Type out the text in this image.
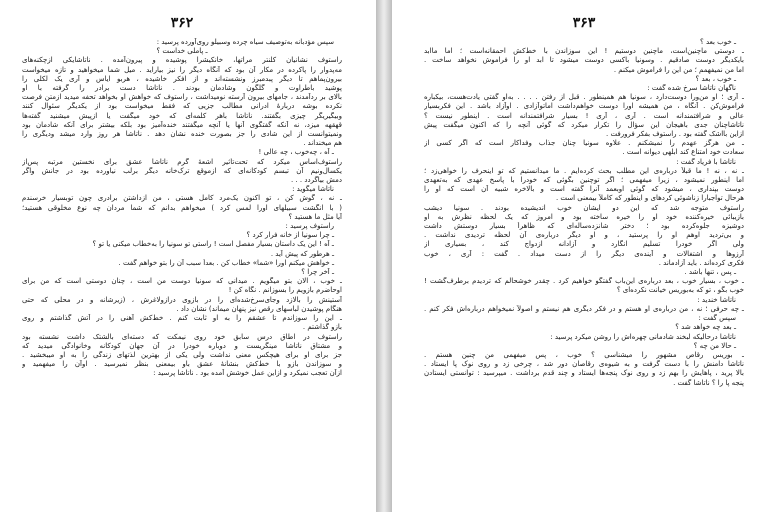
۳۶۲
سپس مؤدبانه به‌توصیف سیاه چرده وسبیلو روی‌آورده پرسید :
ـ پاملی خداست ؟
راستوف نشانیان کلنتر مراتها، خانکیشرا پوشیده و پیرون‌آمده . ناتاشایکی ازچکنه‌های
مه‌پدوار را پاکرده در مکار آن بود که آنگاه دیگر را نیز بیاراید . میل شما میخواهید و تازه میخواست
بیرون‌پماهم تا دیگر پبدمبرز ونشسته‌اند و از افکر خاشیده ، هربو ایاس و آری یک لکلی را
پوشید باطراوت و گلگون وشادمان بودند . ناتاشا دست برادر را گرفته با او
بالای بر ردآمدند ، جامهای بیرون آرسته نومیداشت ، راستوف که خواهش او بخواهد تحفه میدید ازمتن فرصت
نکرده بوشه دربارهٔ ادرانی مطالب جزیی که فقط میخواست بود از یکدیگر سئوال کنند
وبیگیریگر چیزی بگفتند. ناتاشا باهر کلمه‌ای که خود میگفت یا ازپیش میشنید گفته‌ها
قهقهه میزد، نه آنکه گفتگوی آنها یا آنچه میگفتند خنده‌آمیز بود بلکه بیشتر برای آنکه شادمان بود
ونمیتوانست از این شادی را جز بصورت خنده نشان دهد . ناتاشا هر روز وارد میشد ودیگری را
هم میخنداند .
ـ آه ، چه‌خوب ، چه عالی !
راستوف‌اساس میکرد که تحت‌تأثیر اشعهٔ گرم ناتاشا عشق برای نخستین مرتبه پس‌از
یکسال‌ونیم آن تبسم کودکانه‌ای که ازموقع ترک‌خانه دیگر برلب نیاورده بود در جانش واگر
دمش بیاگردد . . .
ناتاشا میگوید :
ـ نه ، گوش کن ، تو اکنون یک‌مرد کامل هستی ، من ازداشتن برادری چون توبسیار خرسندم
( با انگشت سبیلهای اورا لمس کرد ) میخواهم بدانم که شما مردان چه نوع مخلوقی هستید؛
آیا مثل ما هستید ؟
راستوف پرسید :
ـ چرا سونیا از خانه فرار کرد ؟
ـ آه ! این یک داستان بسیار مفصل است ! راستی تو سونیا را به‌خطاب میکنی یا تو ؟
ـ هرطور که پیش آید .
ـ خواهش میکنم اورا «شما» خطاب کن . بعداً سبب آن را بتو خواهم گفت .
ـ آخر چرا ؟
ـ خوب ، الان بتو میگویم . میدانی که سونیا دوست من است ، چنان دوستی است که من برای
اوحاضرم بازویم را بسوزانم . نگاه کن !
آستینش را بالازد وجای‌سرخ‌شده‌ای را در بازوی درازولاغرش ، (زیرشانه و در محلی که حتی
هنگام پوشیدن لباسهای رقص نیز پنهان میماند) نشان داد .
ـ این را سوزاندم تا عشقم را به او ثابت کنم . خط‌کش آهنی را در آتش گذاشتم و روی
بازو گذاشتم .
راستوف در اطاق درس سابق خود روی نیمکت که دسته‌ای بالشتک داشت نشسته بود
و مشتاق ناتاشا مینگریست و دوباره خودرا در آن جهان کودکانه وخانوادگی میدید که
جز برای او برای هیچکس معنی نداشت ولی یکی از بهترین لذتهای زندگی را به او میبخشید .
و سوزاندن بازو با خط‌کش بنشانهٔ عشق باو بیمعنی بنظر نمیرسید . اوآن را میفهمید و
ازآن تعجب نمیکرد و ازاین عمل خوشش آمده بود . ناتاشا پرسید :
۳۶۳
ـ خوب بعد ؟
ـ دوستی ماچنین‌است، ماچنین دوستیم ! این سوزاندن با خط‌کش احمقانه‌است ؛ اما ماابد
بایکدیگر دوست صادقیم . وسونیا باکسی دوست میشود تا ابد او را فراموش نخواهد ساخت .
اما من نمیفهمم ؛ من این را فراموش میکنم .
ـ خوب ، بعد ؟
ناگهان ناتاشا سرخ شده گفت :
ـ آری ؛ او من‌ورا دوست‌دارد ، سونیا هم همینطور . قبل از رفتن . . . . به‌او گفتی یادت‌هست، بیکباره
فراموش‌کن . آنگاه ، من همیشه اورا دوست خواهم‌داشت اماتوآزادی . اوآزاد باشد . این فکربسیار
عالی و شرافتمندانه است . آری ، آری ! بسیار شرافتمندانه است . اینطور نیست ؟
ناتاشاچنان جدی باهیجان این سؤال را تکرار میکرد که گوئی آنچه را که اکنون میگفت پیش
ازاین بااشک گفته بود . راستوف بفکر فرورفت .
ـ من هرگز عهدم را نمیشکنم . علاوه سونیا چنان جذاب وفداکار است که اگر کسی از
سعادت خود امتناع کند ابلهی دیوانه است .
ناتاشا با فریاد گفت :
ـ نه ، نه ! ما قبلاً درباره‌ی این مطلب بحث کرده‌ایم . ما میدانستیم که تو اینحرف را خواهی‌زد ؛
اما اینطور نمیشود ، زیرا میفهمی ؛ اگر توچنین بگوئی که خودرا با پاسخ عهدی که به‌تعهدی
دوست بپنداری ، میشود که گوئی اوبعمد آنرا گفته است و بالاخره شبیه آن است که او را
هرحال تواجبارا زناشوئی کردهای و اینطور که کاملاً بیمعنی است .
راستوف متوجه شد که این دو ایشان خوب اندیشیده بودند . سونیا دیشب
بازیبائی خیره‌کننده خود او را خیره ساخته بود و امروز که یک لحظه نظرش به او
دوشیزه جلوه‌کرده بود ؛ دختر شانزده‌ساله‌ای که ظاهراً بسیار دوستش داشت
و بی‌تردید اوهم او را پرستید ، و او دیگر درباره‌ی آن لحظه تردیدی نداشت .
ولی اگر خودرا تسلیم انگارد و آزادانه ازدواج کند ، بسیاری از
آرزوها و اشتغالات و آینده‌ی دیگر را از دست میداد . گفت : آری ، خوب
فکری کرده‌اند . باید آزادماند .
ـ پس ، تنها باشد .
ـ خوب ، بسیار خوب ، بعد درباره‌ی این‌باب گفتگو خواهیم کرد . چقدر خوشحالم که تردیدم برطرف‌گشت !
خوب بگو ، تو که به‌بوریس خیانت نکرده‌ای ؟
ناتاشا خندید :
ـ چه حرفی ؛ نه ، من درباره‌ی او هستم و در فکر دیگری هم نیستم و اصولاً نمیخواهم درباره‌اش فکر کنم .
سپس گفت :
ـ بعد چه خواهد شد ؟
ناتاشا درحالیکه لبخند شادمانی چهره‌اش را روشن میکرد پرسید :
ـ حالا من چه ؟
ـ بوریس رقاص مشهور را میشناسی ؟ خوب ، پس میفهمی من چنین هستم .
ناتاشا دامنش را با دست گرفت و به شیوه‌ی رقاصان دور شد ، چرخی زد و روی نوک پا ایستاد .
بالا پرید ، پاهایش را بهم زد و روی نوک پنجه‌ها ایستاد و چند قدم برداشت . میپرسید : توانستی ایستادن
پنجه پا را ؟ ناتاشا گفت .
